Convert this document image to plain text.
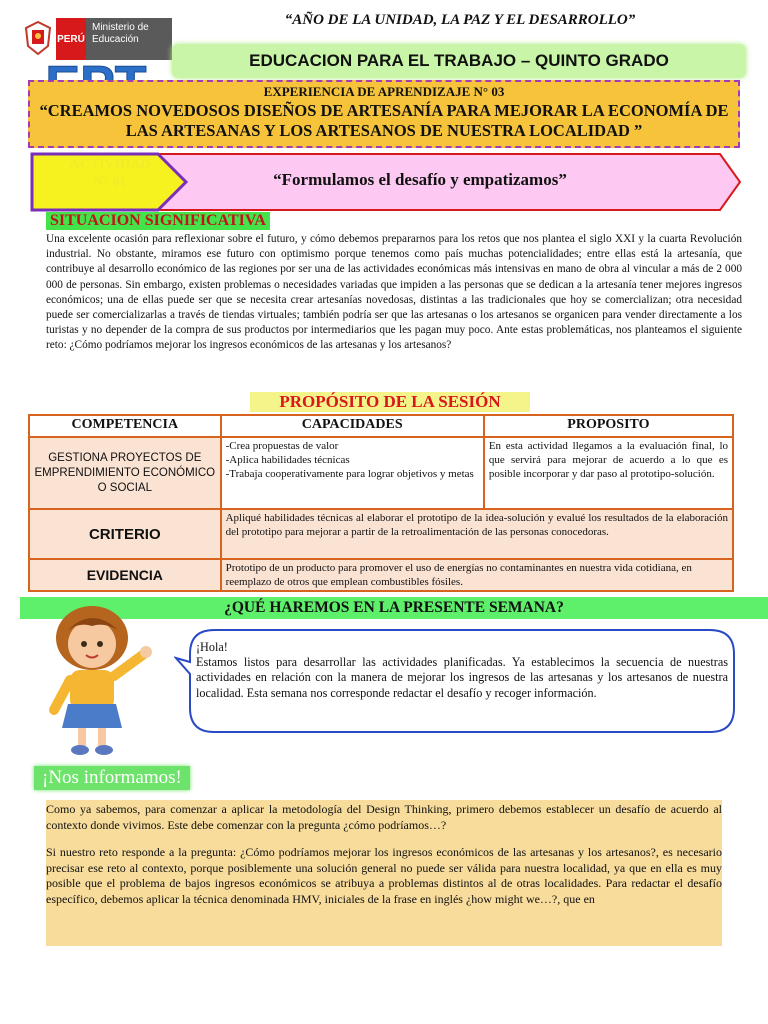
“AÑO DE LA UNIDAD, LA PAZ Y EL DESARROLLO”
PERÚ
Ministerio de Educación
EDUCACION PARA EL TRABAJO – QUINTO GRADO
EXPERIENCIA DE APRENDIZAJE N° 03
“CREAMOS NOVEDOSOS DISEÑOS DE ARTESANÍA PARA MEJORAR LA ECONOMÍA DE LAS ARTESANAS Y LOS ARTESANOS DE NUESTRA LOCALIDAD ”
ACTIVIDAD
N° 01	“Formulamos el desafío y empatizamos”
SITUACION SIGNIFICATIVA
Una excelente ocasión para reflexionar sobre el futuro, y cómo debemos prepararnos para los retos que nos plantea el siglo XXI y la cuarta Revolución industrial. No obstante, miramos ese futuro con optimismo porque tenemos como país muchas potencialidades; entre ellas está la artesanía, que contribuye al desarrollo económico de las regiones por ser una de las actividades económicas más intensivas en mano de obra al vincular a más de 2 000 000 de personas. Sin embargo, existen problemas o necesidades variadas que impiden a las personas que se dedican a la artesanía tener mejores ingresos económicos; una de ellas puede ser que se necesita crear artesanías novedosas, distintas a las tradicionales que hoy se comercializan; otra necesidad puede ser comercializarlas a través de tiendas virtuales; también podría ser que las artesanas o los artesanos se organicen para vender directamente a los turistas y no depender de la compra de sus productos por intermediarios que les pagan muy poco. Ante estas problemáticas, nos planteamos el siguiente reto: ¿Cómo podríamos mejorar los ingresos económicos de las artesanas y los artesanos?
PROPÓSITO DE LA SESIÓN
COMPETENCIA	CAPACIDADES	PROPOSITO
GESTIONA PROYECTOS DE EMPRENDIMIENTO ECONÓMICO O SOCIAL	-Crea propuestas de valor
-Aplica habilidades técnicas
-Trabaja cooperativamente para lograr objetivos y metas	En esta actividad llegamos a la evaluación final, lo que servirá para mejorar de acuerdo a lo que es posible incorporar y dar paso al prototipo-solución.
CRITERIO	Apliqué habilidades técnicas al elaborar el prototipo de la idea-solución y evalué los resultados de la elaboración del prototipo para mejorar a partir de la retroalimentación de las personas conocedoras.	
EVIDENCIA	Prototipo de un producto para promover el uso de energías no contaminantes en nuestra vida cotidiana, en reemplazo de otros que emplean combustibles fósiles.	
¿QUÉ HAREMOS EN LA PRESENTE SEMANA?
¡Hola!
Estamos listos para desarrollar las actividades planificadas. Ya establecimos la secuencia de nuestras actividades en relación con la manera de mejorar los ingresos de las artesanas y los artesanos de nuestra localidad. Esta semana nos corresponde redactar el desafío y recoger información.
¡Nos informamos!

Como ya sabemos, para comenzar a aplicar la metodología del Design Thinking, primero debemos establecer un desafío de acuerdo al contexto donde vivimos. Este debe comenzar con la pregunta ¿cómo podríamos…?

Si nuestro reto responde a la pregunta: ¿Cómo podríamos mejorar los ingresos económicos de las artesanas y los artesanos?, es necesario precisar ese reto al contexto, porque posiblemente una solución general no puede ser válida para nuestra localidad, ya que en ella es muy posible que el problema de bajos ingresos económicos se atribuya a problemas distintos al de otras localidades. Para redactar el desafío específico, debemos aplicar la técnica denominada HMV, iniciales de la frase en inglés ¿how might we…?, que en
